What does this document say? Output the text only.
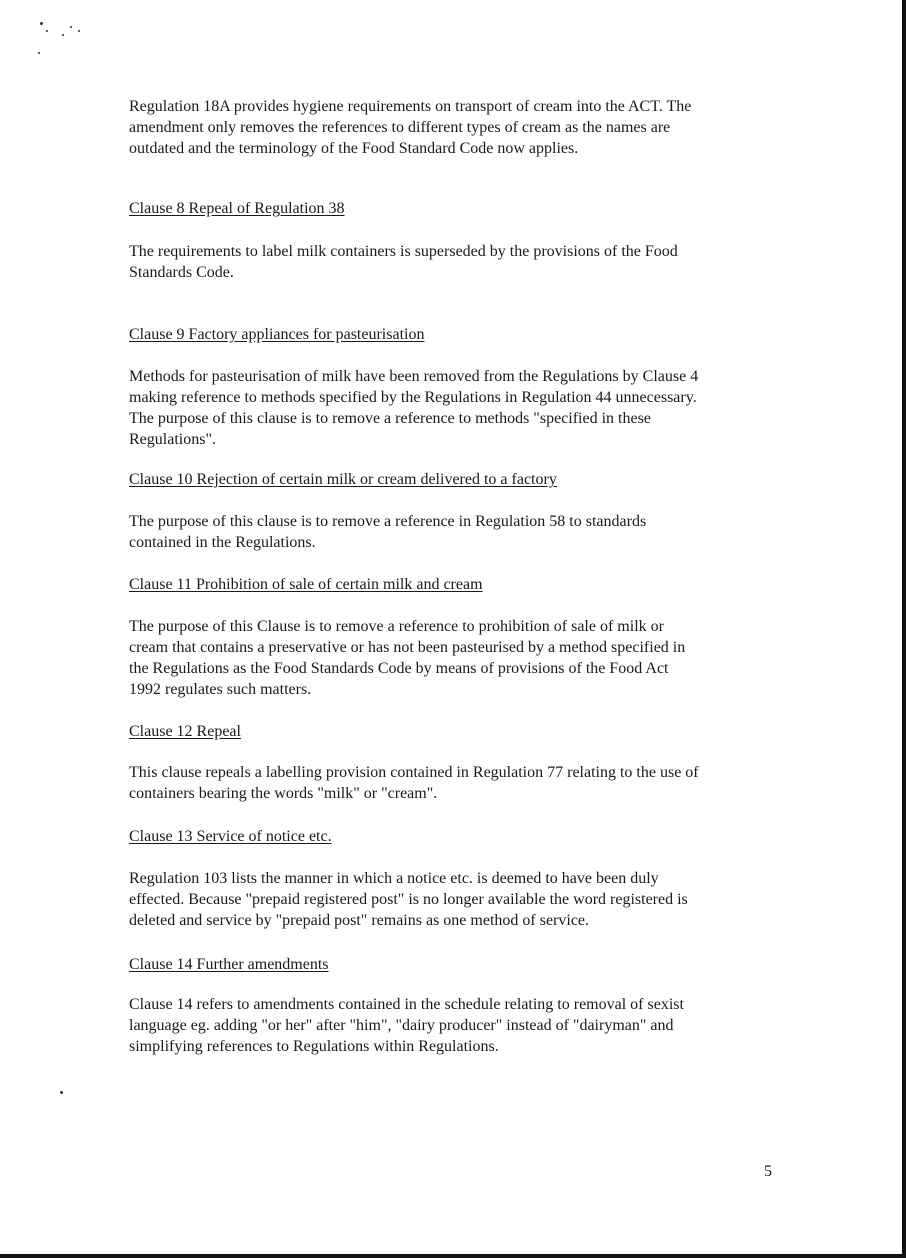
Regulation 18A provides hygiene requirements on transport of cream into the ACT. The
amendment only removes the references to different types of cream as the names are
outdated and the terminology of the Food Standard Code now applies.

Clause 8 Repeal of Regulation 38

The requirements to label milk containers is superseded by the provisions of the Food
Standards Code.

Clause 9 Factory appliances for pasteurisation

Methods for pasteurisation of milk have been removed from the Regulations by Clause 4
making reference to methods specified by the Regulations in Regulation 44 unnecessary.
The purpose of this clause is to remove a reference to methods "specified in these
Regulations".

Clause 10 Rejection of certain milk or cream delivered to a factory

The purpose of this clause is to remove a reference in Regulation 58 to standards
contained in the Regulations.

Clause 11 Prohibition of sale of certain milk and cream

The purpose of this Clause is to remove a reference to prohibition of sale of milk or
cream that contains a preservative or has not been pasteurised by a method specified in
the Regulations as the Food Standards Code by means of provisions of the Food Act
1992 regulates such matters.

Clause 12 Repeal

This clause repeals a labelling provision contained in Regulation 77 relating to the use of
containers bearing the words "milk" or "cream".

Clause 13 Service of notice etc.

Regulation 103 lists the manner in which a notice etc. is deemed to have been duly
effected. Because "prepaid registered post" is no longer available the word registered is
deleted and service by "prepaid post" remains as one method of service.

Clause 14 Further amendments

Clause 14 refers to amendments contained in the schedule relating to removal of sexist
language eg. adding "or her" after "him", "dairy producer" instead of "dairyman" and
simplifying references to Regulations within Regulations.

5
